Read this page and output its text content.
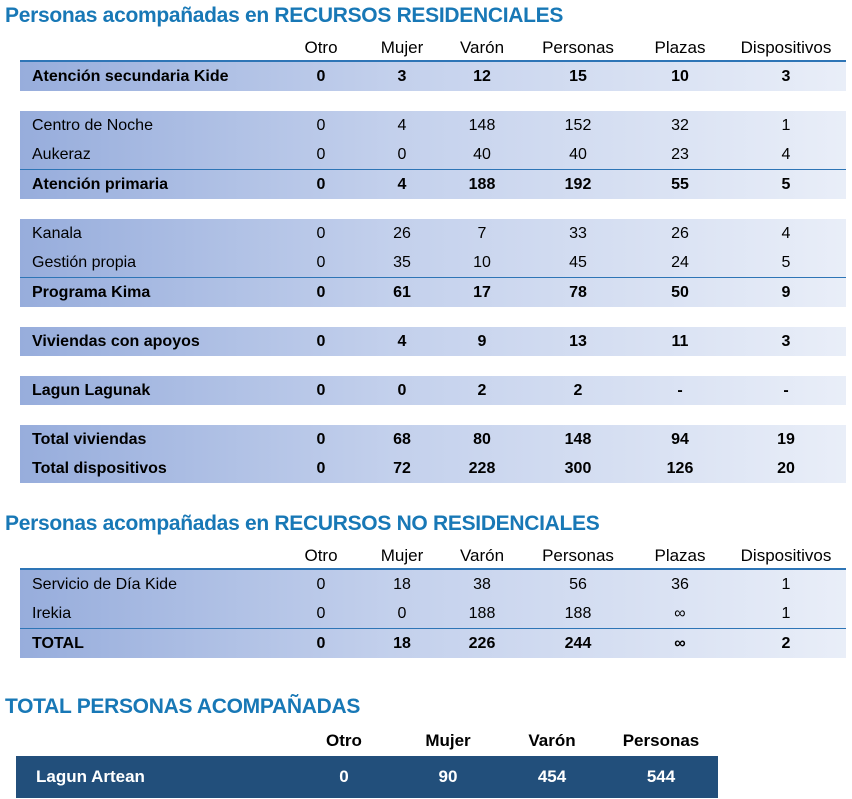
Personas acompañadas en RECURSOS RESIDENCIALES
Otro	Mujer	Varón	Personas	Plazas	Dispositivos
Atención secundaria Kide	0	3	12	15	10	3
Centro de Noche	0	4	148	152	32	1
Aukeraz	0	0	40	40	23	4
Atención primaria	0	4	188	192	55	5
Kanala	0	26	7	33	26	4
Gestión propia	0	35	10	45	24	5
Programa Kima	0	61	17	78	50	9
Viviendas con apoyos	0	4	9	13	11	3
Lagun Lagunak	0	0	2	2	-	-
Total viviendas	0	68	80	148	94	19
Total dispositivos	0	72	228	300	126	20
Personas acompañadas en RECURSOS NO RESIDENCIALES
Otro	Mujer	Varón	Personas	Plazas	Dispositivos
Servicio de Día Kide	0	18	38	56	36	1
Irekia	0	0	188	188	∞	1
TOTAL	0	18	226	244	∞	2
TOTAL PERSONAS ACOMPAÑADAS
Otro	Mujer	Varón	Personas
Lagun Artean	0	90	454	544
